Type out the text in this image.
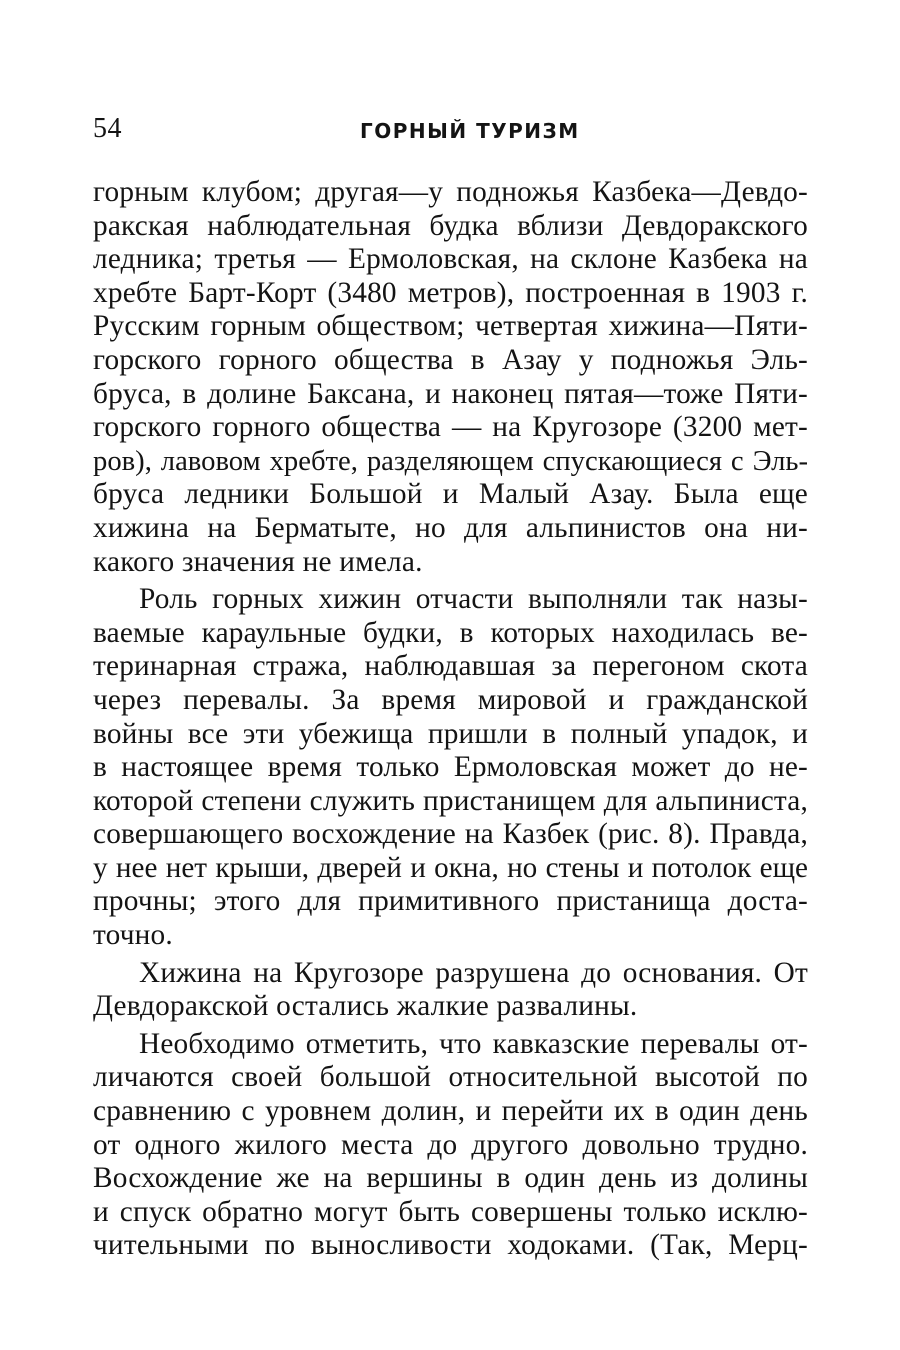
54	ГОРНЫЙ ТУРИЗМ
горным клубом; другая—у подножья Казбека—Девдо-
ракская наблюдательная будка вблизи Девдоракского
ледника; третья — Ермоловская, на склоне Казбека на
хребте Барт-Корт (3480 метров), построенная в 1903 г.
Русским горным обществом; четвертая хижина—Пяти-
горского горного общества в Азау у подножья Эль-
бруса, в долине Баксана, и наконец пятая—тоже Пяти-
горского горного общества — на Кругозоре (3200 мет-
ров), лавовом хребте, разделяющем спускающиеся с Эль-
бруса ледники Большой и Малый Азау. Была еще
хижина на Берматыте, но для альпинистов она ни-
какого значения не имела.
Роль горных хижин отчасти выполняли так назы-
ваемые караульные будки, в которых находилась ве-
теринарная стража, наблюдавшая за перегоном скота
через перевалы. За время мировой и гражданской
войны все эти убежища пришли в полный упадок, и
в настоящее время только Ермоловская может до не-
которой степени служить пристанищем для альпиниста,
совершающего восхождение на Казбек (рис. 8). Правда,
у нее нет крыши, дверей и окна, но стены и потолок еще
прочны; этого для примитивного пристанища доста-
точно.
Хижина на Кругозоре разрушена до основания. От
Девдоракской остались жалкие развалины.
Необходимо отметить, что кавказские перевалы от-
личаются своей большой относительной высотой по
сравнению с уровнем долин, и перейти их в один день
от одного жилого места до другого довольно трудно.
Восхождение же на вершины в один день из долины
и спуск обратно могут быть совершены только исклю-
чительными по выносливости ходоками. (Так, Мерц-
